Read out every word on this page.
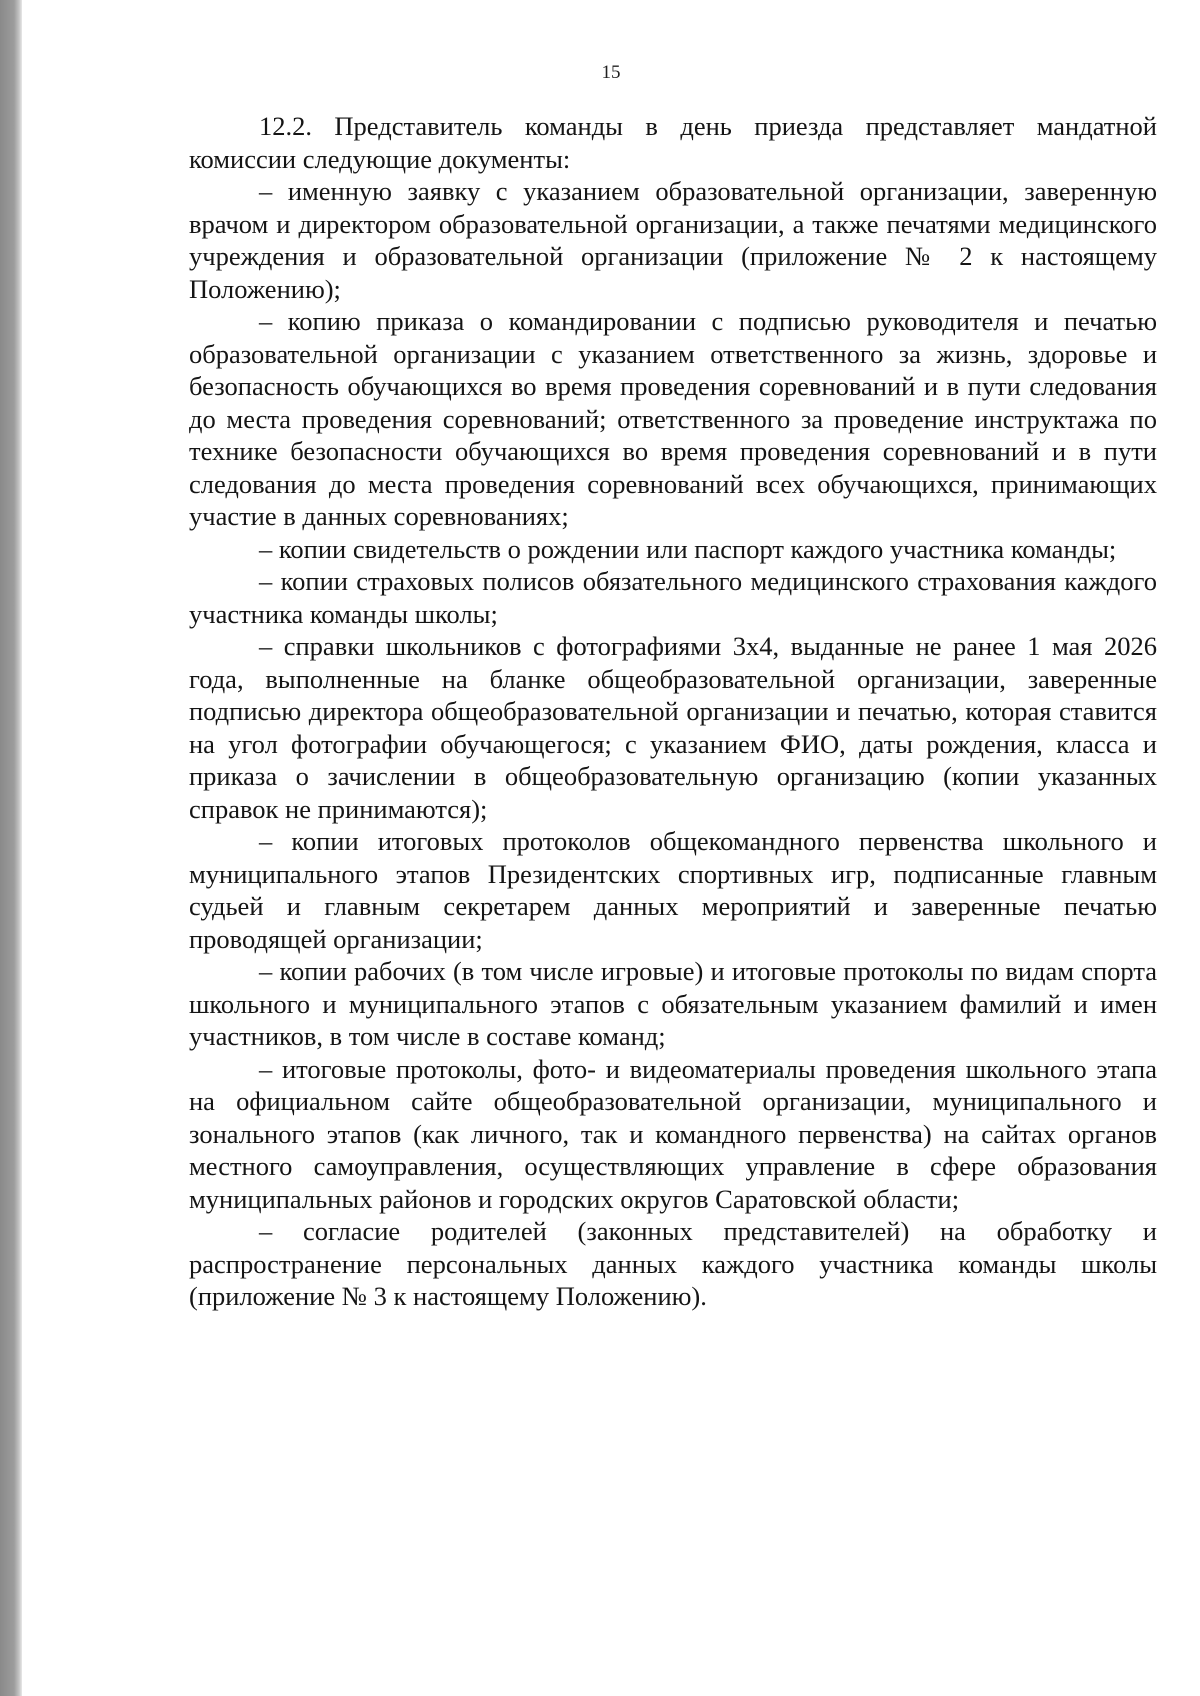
15

12.2. Представитель команды в день приезда представляет мандатной комиссии следующие документы:

– именную заявку с указанием образовательной организации, заверенную врачом и директором образовательной организации, а также печатями медицинского учреждения и образовательной организации (приложение № 2 к настоящему Положению);

– копию приказа о командировании с подписью руководителя и печатью образовательной организации с указанием ответственного за жизнь, здоровье и безопасность обучающихся во время проведения соревнований и в пути следования до места проведения соревнований; ответственного за проведение инструктажа по технике безопасности обучающихся во время проведения соревнований и в пути следования до места проведения соревнований всех обучающихся, принимающих участие в данных соревнованиях;

– копии свидетельств о рождении или паспорт каждого участника команды;

– копии страховых полисов обязательного медицинского страхования каждого участника команды школы;

– справки школьников с фотографиями 3х4, выданные не ранее 1 мая 2026 года, выполненные на бланке общеобразовательной организации, заверенные подписью директора общеобразовательной организации и печатью, которая ставится на угол фотографии обучающегося; с указанием ФИО, даты рождения, класса и приказа о зачислении в общеобразовательную организацию (копии указанных справок не принимаются);

– копии итоговых протоколов общекомандного первенства школьного и муниципального этапов Президентских спортивных игр, подписанные главным судьей и главным секретарем данных мероприятий и заверенные печатью проводящей организации;

– копии рабочих (в том числе игровые) и итоговые протоколы по видам спорта школьного и муниципального этапов с обязательным указанием фамилий и имен участников, в том числе в составе команд;

– итоговые протоколы, фото- и видеоматериалы проведения школьного этапа на официальном сайте общеобразовательной организации, муниципального и зонального этапов (как личного, так и командного первенства) на сайтах органов местного самоуправления, осуществляющих управление в сфере образования муниципальных районов и городских округов Саратовской области;

– согласие родителей (законных представителей) на обработку и распространение персональных данных каждого участника команды школы (приложение № 3 к настоящему Положению).
